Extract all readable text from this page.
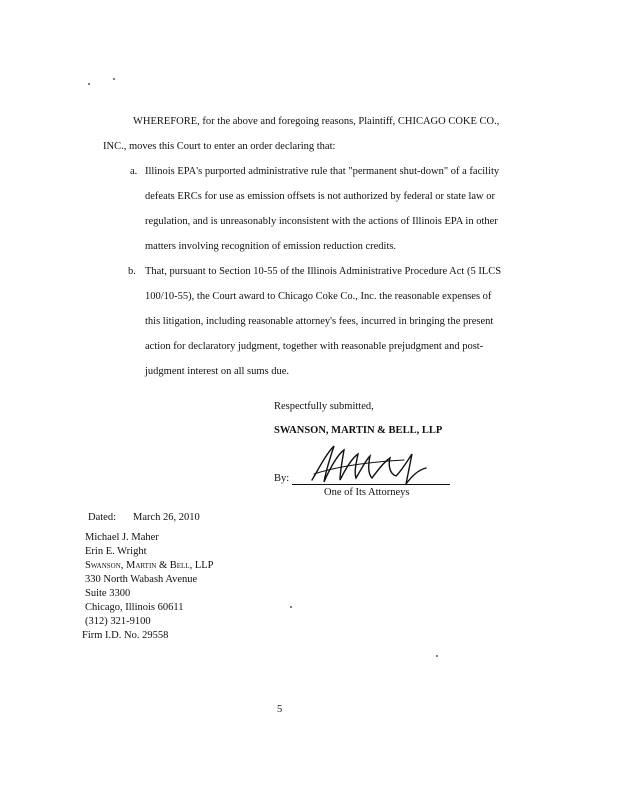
WHEREFORE, for the above and foregoing reasons, Plaintiff, CHICAGO COKE CO.,
INC., moves this Court to enter an order declaring that:
a. Illinois EPA's purported administrative rule that "permanent shut-down" of a facility
defeats ERCs for use as emission offsets is not authorized by federal or state law or
regulation, and is unreasonably inconsistent with the actions of Illinois EPA in other
matters involving recognition of emission reduction credits.
b. That, pursuant to Section 10-55 of the Illinois Administrative Procedure Act (5 ILCS
100/10-55), the Court award to Chicago Coke Co., Inc. the reasonable expenses of
this litigation, including reasonable attorney's fees, incurred in bringing the present
action for declaratory judgment, together with reasonable prejudgment and post-
judgment interest on all sums due.
Respectfully submitted,
SWANSON, MARTIN & BELL, LLP
By:
One of Its Attorneys
Dated: March 26, 2010
Michael J. Maher
Erin E. Wright
Swanson, Martin & Bell, LLP
330 North Wabash Avenue
Suite 3300
Chicago, Illinois 60611
(312) 321-9100
Firm I.D. No. 29558
5
